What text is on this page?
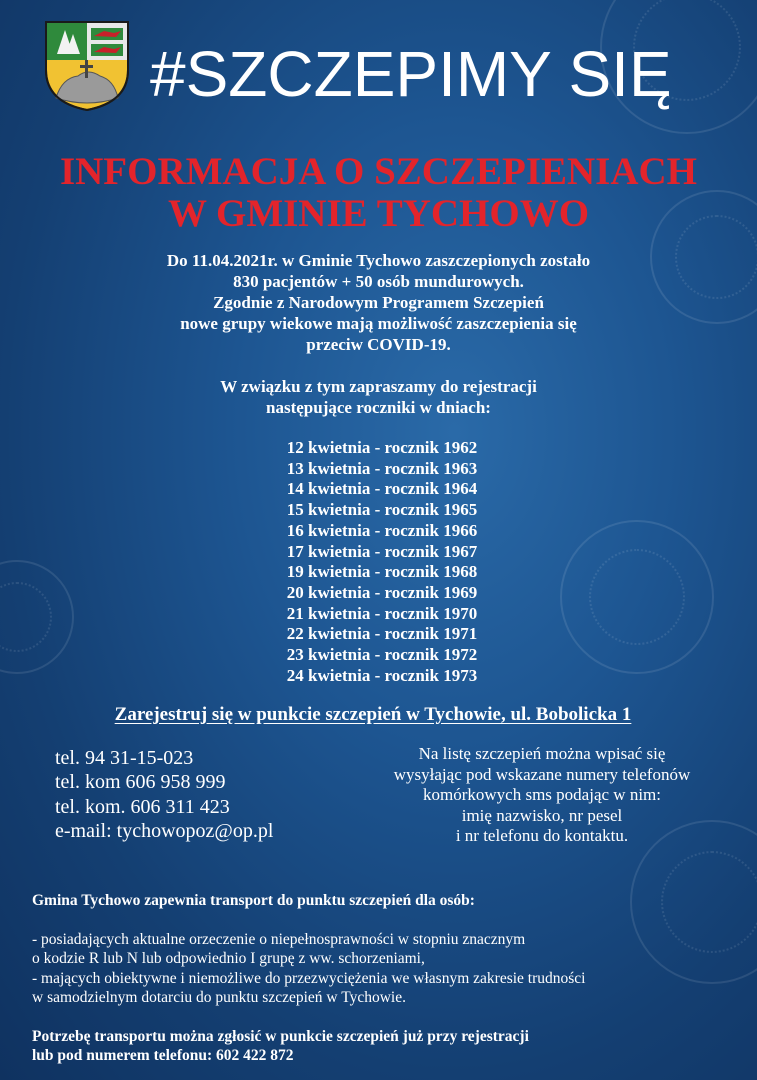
#SZCZEPIMY SIĘ
INFORMACJA O SZCZEPIENIACH
W GMINIE TYCHOWO
Do 11.04.2021r. w Gminie Tychowo zaszczepionych zostało
830 pacjentów + 50 osób mundurowych.
Zgodnie z Narodowym Programem Szczepień
nowe grupy wiekowe mają możliwość zaszczepienia się
przeciw COVID-19.

W związku z tym zapraszamy do rejestracji
następujące roczniki w dniach:
12 kwietnia - rocznik 1962
13 kwietnia - rocznik 1963
14 kwietnia - rocznik 1964
15 kwietnia - rocznik 1965
16 kwietnia - rocznik 1966
17 kwietnia - rocznik 1967
19 kwietnia - rocznik 1968
20 kwietnia - rocznik 1969
21 kwietnia - rocznik 1970
22 kwietnia - rocznik 1971
23 kwietnia - rocznik 1972
24 kwietnia - rocznik 1973
Zarejestruj się w punkcie szczepień w Tychowie, ul. Bobolicka 1
tel. 94 31-15-023
tel. kom 606 958 999
tel. kom. 606 311 423
e-mail: tychowopoz@op.pl
Na listę szczepień można wpisać się
wysyłając pod wskazane numery telefonów
komórkowych sms podając w nim:
imię nazwisko, nr pesel
i nr telefonu do kontaktu.
Gmina Tychowo zapewnia transport do punktu szczepień dla osób:
- posiadających aktualne orzeczenie o niepełnosprawności w stopniu znacznym
o kodzie R lub N lub odpowiednio I grupę z ww. schorzeniami,
- mających obiektywne i niemożliwe do przezwyciężenia we własnym zakresie trudności
w samodzielnym dotarciu do punktu szczepień w Tychowie.
Potrzebę transportu można zgłosić w punkcie szczepień już przy rejestracji
lub pod numerem telefonu: 602 422 872
